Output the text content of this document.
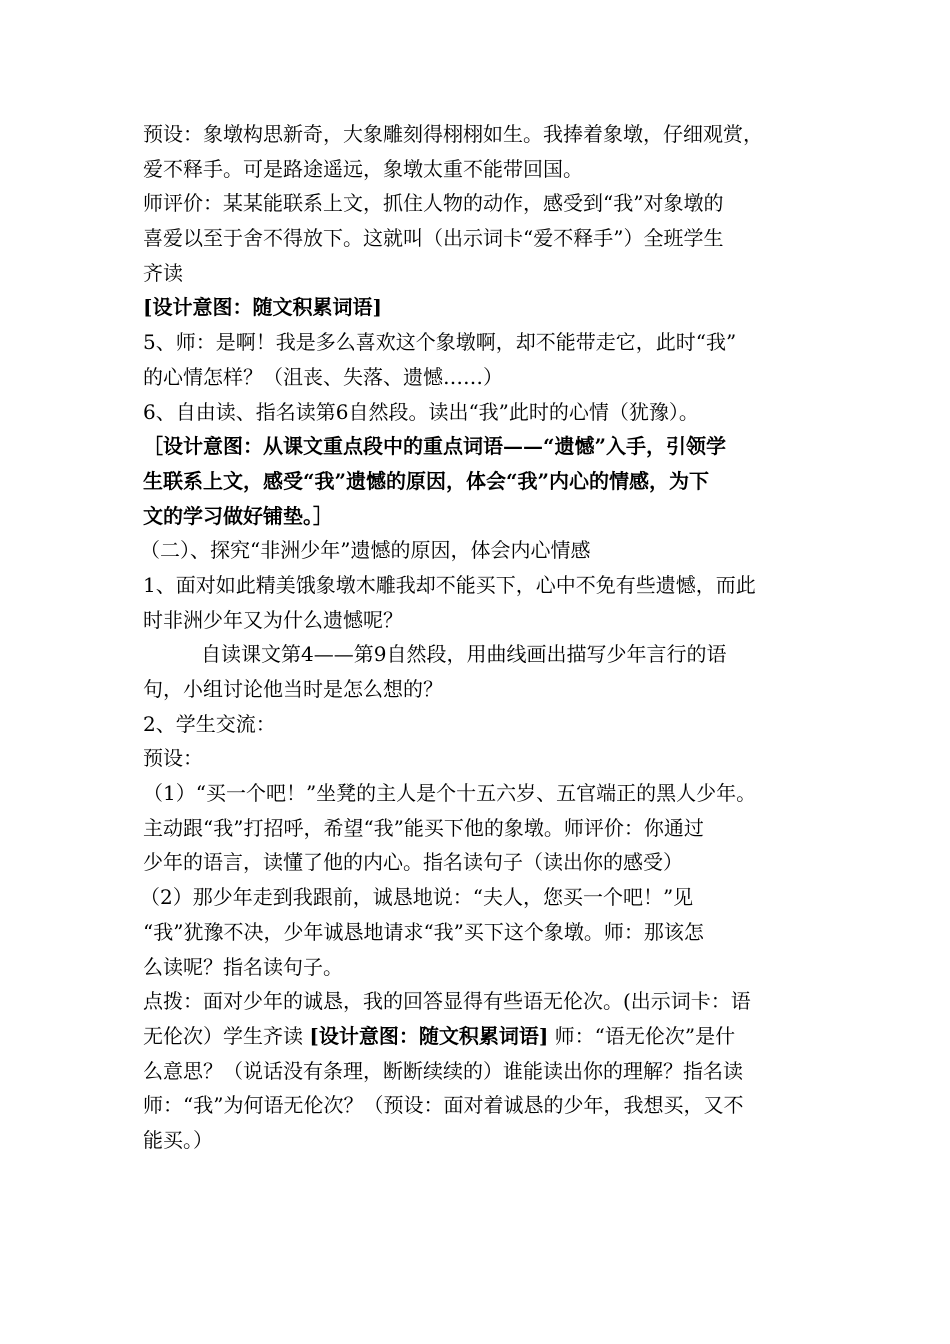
预设：象墩构思新奇，大象雕刻得栩栩如生。我捧着象墩，仔细观赏，
爱不释手。可是路途遥远，象墩太重不能带回国。
师评价：某某能联系上文，抓住人物的动作，感受到“我”对象墩的
喜爱以至于舍不得放下。这就叫（出示词卡“爱不释手”）全班学生
齐读
[设计意图：随文积累词语]
5、师：是啊！我是多么喜欢这个象墩啊，却不能带走它，此时“我”
的心情怎样？（沮丧、失落、遗憾……）
6、自由读、指名读第6自然段。读出“我”此时的心情（犹豫）。
［设计意图：从课文重点段中的重点词语——“遗憾”入手，引领学
生联系上文，感受“我”遗憾的原因，体会“我”内心的情感，为下
文的学习做好铺垫。］
（二）、探究“非洲少年”遗憾的原因，体会内心情感
1、面对如此精美饿象墩木雕我却不能买下，心中不免有些遗憾，而此
时非洲少年又为什么遗憾呢？
自读课文第4——第9自然段，用曲线画出描写少年言行的语
句，小组讨论他当时是怎么想的？
2、学生交流：
预设：
（1）“买一个吧！”坐凳的主人是个十五六岁、五官端正的黑人少年。
主动跟“我”打招呼，希望“我”能买下他的象墩。师评价：你通过
少年的语言，读懂了他的内心。指名读句子（读出你的感受）
（2）那少年走到我跟前，诚恳地说：“夫人，您买一个吧！”见
“我”犹豫不决，少年诚恳地请求“我”买下这个象墩。师：那该怎
么读呢？指名读句子。
点拨：面对少年的诚恳，我的回答显得有些语无伦次。(出示词卡：语
无伦次）学生齐读 [设计意图：随文积累词语] 师：“语无伦次”是什
么意思？（说话没有条理，断断续续的）谁能读出你的理解？指名读
师：“我”为何语无伦次？（预设：面对着诚恳的少年，我想买，又不
能买。）
